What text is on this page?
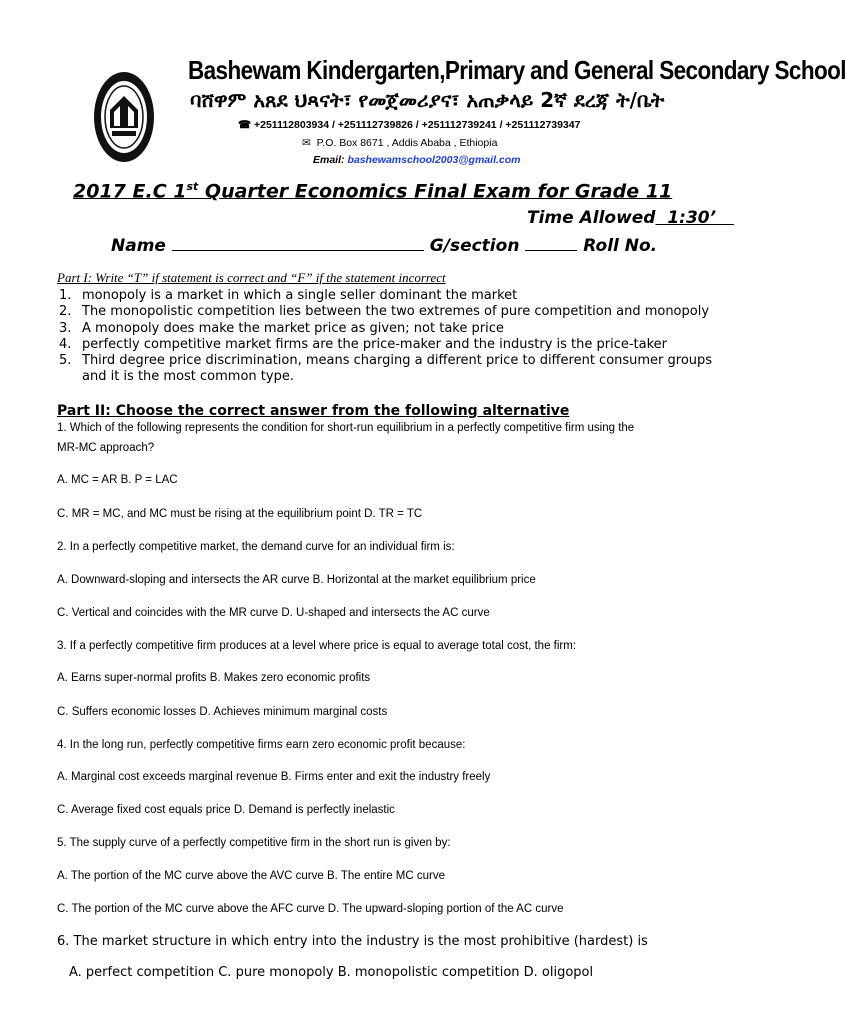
Bashewam Kindergarten,Primary and General Secondary School
ባሸዋም አጸደ ህጻናት፣ የመጀመሪያና፣ አጠቃላይ 2ኛ ደረጃ ት/ቤት
☎ +251112803934 / +251112739826 / +251112739241 / +251112739347
✉  P.O. Box 8671 , Addis Ababa , Ethiopia
Email: bashewamschool2003@gmail.com
2017 E.C 1st Quarter Economics Final Exam for Grade 11
Time Allowed  1:30’
Name	G/section	Roll No.
Part I: Write “T” if statement is correct and “F” if the statement incorrect
1. monopoly is a market in which a single seller dominant the market
2. The monopolistic competition lies between the two extremes of pure competition and monopoly
3. A monopoly does make the market price as given; not take price
4. perfectly competitive market firms are the price-maker and the industry is the price-taker
5. Third degree price discrimination, means charging a different price to different consumer groups and it is the most common type.
Part II: Choose the correct answer from the following alternative
1. Which of the following represents the condition for short-run equilibrium in a perfectly competitive firm using the
MR-MC approach?
A. MC = AR B. P = LAC
C. MR = MC, and MC must be rising at the equilibrium point D. TR = TC
2. In a perfectly competitive market, the demand curve for an individual firm is:
A. Downward-sloping and intersects the AR curve B. Horizontal at the market equilibrium price
C. Vertical and coincides with the MR curve D. U-shaped and intersects the AC curve
3. If a perfectly competitive firm produces at a level where price is equal to average total cost, the firm:
A. Earns super-normal profits B. Makes zero economic profits
C. Suffers economic losses D. Achieves minimum marginal costs
4. In the long run, perfectly competitive firms earn zero economic profit because:
A. Marginal cost exceeds marginal revenue B. Firms enter and exit the industry freely
C. Average fixed cost equals price D. Demand is perfectly inelastic
5. The supply curve of a perfectly competitive firm in the short run is given by:
A. The portion of the MC curve above the AVC curve B. The entire MC curve
C. The portion of the MC curve above the AFC curve D. The upward-sloping portion of the AC curve
6. The market structure in which entry into the industry is the most prohibitive (hardest) is
A. perfect competition C. pure monopoly B. monopolistic competition D. oligopol
